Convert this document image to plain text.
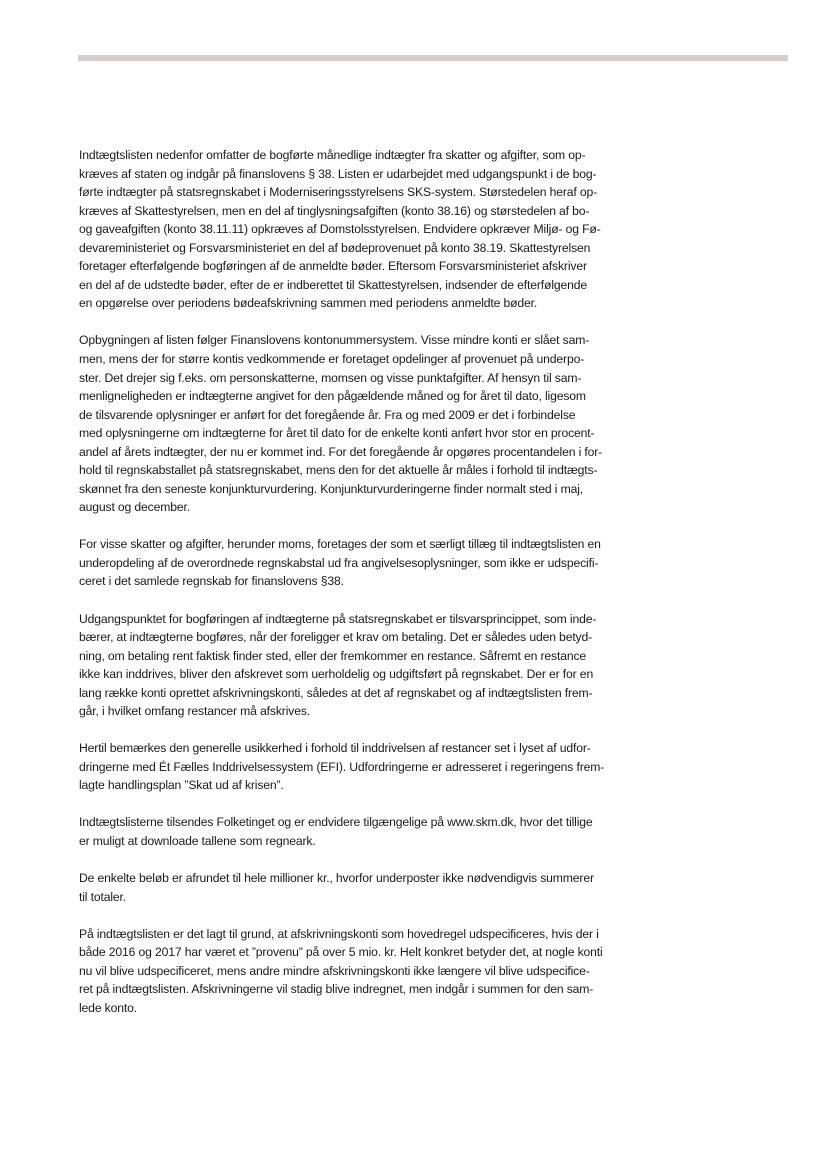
Indtægtslisten nedenfor omfatter de bogførte månedlige indtægter fra skatter og afgifter, som op-
kræves af staten og indgår på finanslovens § 38. Listen er udarbejdet med udgangspunkt i de bog-
førte indtægter på statsregnskabet i Moderniseringsstyrelsens SKS-system. Størstedelen heraf op-
kræves af Skattestyrelsen, men en del af tinglysningsafgiften (konto 38.16) og størstedelen af bo-
og gaveafgiften (konto 38.11.11) opkræves af Domstolsstyrelsen. Endvidere opkræver Miljø- og Fø-
devareministeriet og Forsvarsministeriet en del af bødeprovenuet på konto 38.19. Skattestyrelsen
foretager efterfølgende bogføringen af de anmeldte bøder. Eftersom Forsvarsministeriet afskriver
en del af de udstedte bøder, efter de er indberettet til Skattestyrelsen, indsender de efterfølgende
en opgørelse over periodens bødeafskrivning sammen med periodens anmeldte bøder.

Opbygningen af listen følger Finanslovens kontonummersystem. Visse mindre konti er slået sam-
men, mens der for større kontis vedkommende er foretaget opdelinger af provenuet på underpo-
ster. Det drejer sig f.eks. om personskatterne, momsen og visse punktafgifter. Af hensyn til sam-
menligneligheden er indtægterne angivet for den pågældende måned og for året til dato, ligesom
de tilsvarende oplysninger er anført for det foregående år. Fra og med 2009 er det i forbindelse
med oplysningerne om indtægterne for året til dato for de enkelte konti anført hvor stor en procent-
andel af årets indtægter, der nu er kommet ind. For det foregående år opgøres procentandelen i for-
hold til regnskabstallet på statsregnskabet, mens den for det aktuelle år måles i forhold til indtægts-
skønnet fra den seneste konjunkturvurdering. Konjunkturvurderingerne finder normalt sted i maj,
august og december.

For visse skatter og afgifter, herunder moms, foretages der som et særligt tillæg til indtægtslisten en
underopdeling af de overordnede regnskabstal ud fra angivelsesoplysninger, som ikke er udspecifi-
ceret i det samlede regnskab for finanslovens §38.

Udgangspunktet for bogføringen af indtægterne på statsregnskabet er tilsvarsprincippet, som inde-
bærer, at indtægterne bogføres, når der foreligger et krav om betaling. Det er således uden betyd-
ning, om betaling rent faktisk finder sted, eller der fremkommer en restance. Såfremt en restance
ikke kan inddrives, bliver den afskrevet som uerholdelig og udgiftsført på regnskabet. Der er for en
lang række konti oprettet afskrivningskonti, således at det af regnskabet og af indtægtslisten frem-
går, i hvilket omfang restancer må afskrives.

Hertil bemærkes den generelle usikkerhed i forhold til inddrivelsen af restancer set i lyset af udfor-
dringerne med Ét Fælles Inddrivelsessystem (EFI). Udfordringerne er adresseret i regeringens frem-
lagte handlingsplan ”Skat ud af krisen”.

Indtægtslisterne tilsendes Folketinget og er endvidere tilgængelige på www.skm.dk, hvor det tillige
er muligt at downloade tallene som regneark.

De enkelte beløb er afrundet til hele millioner kr., hvorfor underposter ikke nødvendigvis summerer
til totaler.

På indtægtslisten er det lagt til grund, at afskrivningskonti som hovedregel udspecificeres, hvis der i
både 2016 og 2017 har været et ”provenu” på over 5 mio. kr. Helt konkret betyder det, at nogle konti
nu vil blive udspecificeret, mens andre mindre afskrivningskonti ikke længere vil blive udspecifice-
ret på indtægtslisten. Afskrivningerne vil stadig blive indregnet, men indgår i summen for den sam-
lede konto.
